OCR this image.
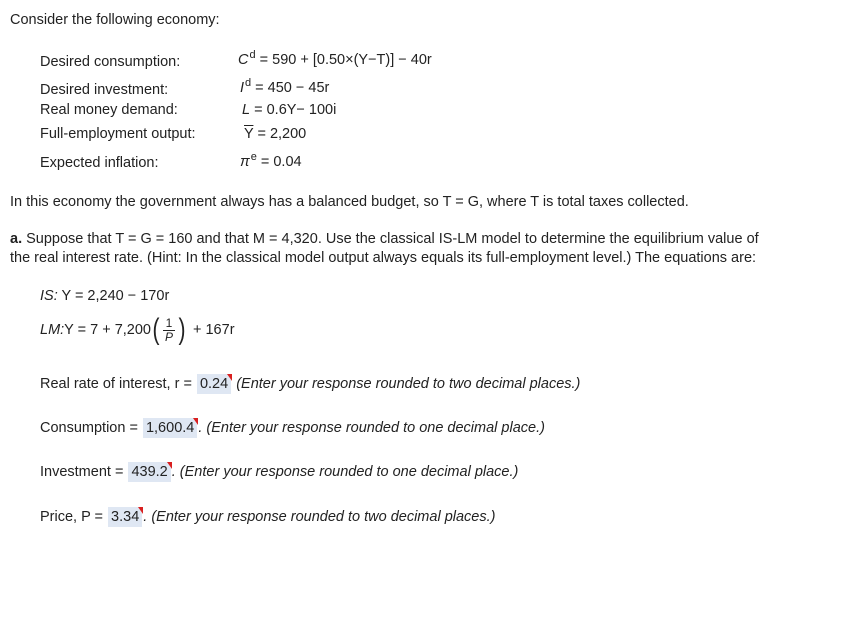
Consider the following economy:
Desired consumption:	$C^d = 590 + [0.50\times(Y-T)] - 40r$
Desired investment:	$I^d = 450 - 45r$
Real money demand:	L = 0.6Y− 100i
Full-employment output:	$\overline{Y} = 2,200$
Expected inflation:	$\pi^e = 0.04$
In this economy the government always has a balanced budget, so T = G, where T is total taxes collected.
a. Suppose that T = G = 160 and that M = 4,320. Use the classical IS-LM model to determine the equilibrium value of
the real interest rate. (Hint: In the classical model output always equals its full-employment level.) The equations are:
IS: Y = 2,240 − 170r
LM: Y = 7 + 7,200 ( $\frac{1}{P}$ ) + 167r
Real rate of interest, r = 0.24
(Enter your response rounded to two decimal places.)
Consumption = 1,600.4 . (Enter your response rounded to one decimal place.)
Investment = 439.2 . (Enter your response rounded to one decimal place.)
Price, P = 3.34 . (Enter your response rounded to two decimal places.)
